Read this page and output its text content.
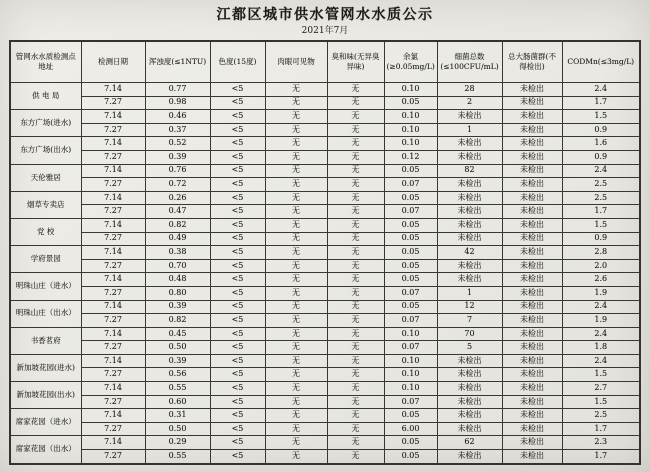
江都区城市供水管网水水质公示
2021年7月
管网水水质检测点地址	检测日期	浑浊度(≤1NTU)	色度(15度)	肉眼可见物	臭和味(无异臭异味)	余氯(≥0.05mg/L)	细菌总数(≤100CFU/mL)	总大肠菌群(不得检出)	CODMn(≤3mg/L)
供 电 局	7.14	0.77	<5	无	无	0.10	28	未检出	2.4
	7.27	0.98	<5	无	无	0.05	2	未检出	1.7
东方广场(进水)	7.14	0.46	<5	无	无	0.10	未检出	未检出	1.5
	7.27	0.37	<5	无	无	0.10	1	未检出	0.9
东方广场(出水)	7.14	0.52	<5	无	无	0.10	未检出	未检出	1.6
	7.27	0.39	<5	无	无	0.12	未检出	未检出	0.9
天伦雅居	7.14	0.76	<5	无	无	0.05	82	未检出	2.4
	7.27	0.72	<5	无	无	0.07	未检出	未检出	2.5
烟草专卖店	7.14	0.26	<5	无	无	0.05	未检出	未检出	2.5
	7.27	0.47	<5	无	无	0.07	未检出	未检出	1.7
党 校	7.14	0.82	<5	无	无	0.05	未检出	未检出	1.5
	7.27	0.49	<5	无	无	0.05	未检出	未检出	0.9
学府景园	7.14	0.38	<5	无	无	0.05	42	未检出	2.8
	7.27	0.70	<5	无	无	0.05	未检出	未检出	2.0
明珠山庄（进水）	7.14	0.48	<5	无	无	0.05	未检出	未检出	2.6
	7.27	0.80	<5	无	无	0.07	1	未检出	1.9
明珠山庄（出水）	7.14	0.39	<5	无	无	0.05	12	未检出	2.4
	7.27	0.82	<5	无	无	0.07	7	未检出	1.9
书香茗府	7.14	0.45	<5	无	无	0.10	70	未检出	2.4
	7.27	0.50	<5	无	无	0.07	5	未检出	1.8
新加坡花园(进水)	7.14	0.39	<5	无	无	0.10	未检出	未检出	2.4
	7.27	0.56	<5	无	无	0.10	未检出	未检出	1.5
新加坡花园(出水)	7.14	0.55	<5	无	无	0.10	未检出	未检出	2.7
	7.27	0.60	<5	无	无	0.07	未检出	未检出	1.5
席家花园（进水）	7.14	0.31	<5	无	无	0.05	未检出	未检出	2.5
	7.27	0.50	<5	无	无	6.00	未检出	未检出	1.7
席家花园（出水）	7.14	0.29	<5	无	无	0.05	62	未检出	2.3
	7.27	0.55	<5	无	无	0.05	未检出	未检出	1.7
